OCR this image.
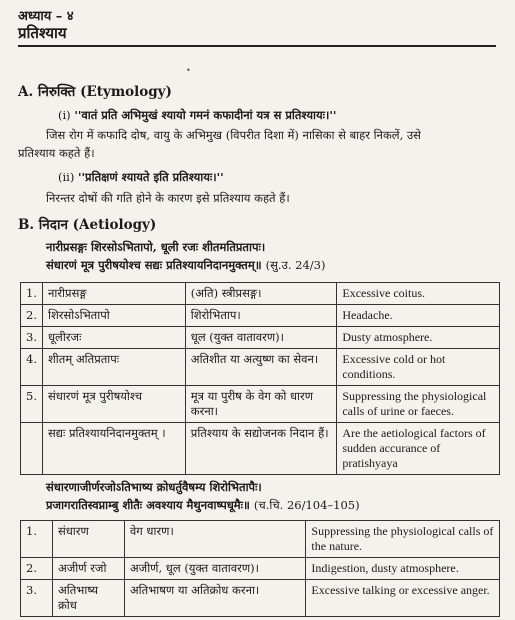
अध्याय – ४
प्रतिश्याय
•
A. निरुक्ति (Etymology)
(i) ''वातं प्रति अभिमुखं श्यायो गमनं कफादीनां यत्र स प्रतिश्यायः।''
जिस रोग में कफादि दोष, वायु के अभिमुख (विपरीत दिशा में) नासिका से बाहर निकलें, उसे
प्रतिश्याय कहते हैं।
(ii) ''प्रतिक्षणं श्यायते इति प्रतिश्यायः।''
निरन्तर दोषों की गति होने के कारण इसे प्रतिश्याय कहते हैं।
B. निदान (Aetiology)
नारीप्रसङ्गः शिरसोऽभितापो, धूली रजः शीतमतिप्रतापः।
संधारणं मूत्र पुरीषयोश्च सद्यः प्रतिश्यायनिदानमुक्तम्॥ (सु.उ. 24/3)
1.	नारीप्रसङ्ग	(अति) स्त्रीप्रसङ्ग।	Excessive coitus.
2.	शिरसोऽभितापो	शिरोभिताप।	Headache.
3.	धूलीरजः	धूल (युक्त वातावरण)।	Dusty atmosphere.
4.	शीतम् अतिप्रतापः	अतिशीत या अत्युष्ण का सेवन।	Excessive cold or hot conditions.
5.	संधारणं मूत्र पुरीषयोश्च	मूत्र या पुरीष के वेग को धारण करना।	Suppressing the physiological calls of urine or faeces.
	सद्यः प्रतिश्यायनिदानमुक्तम् ।	प्रतिश्याय के सद्योजनक निदान हैं।	Are the aetiological factors of sudden accurance of pratishyaya
संधारणाजीर्णरजोऽतिभाष्य क्रोधर्तुवैषम्य शिरोभितापैः।
प्रजागरातिस्वप्नाम्बु शीतैः अवश्याय मैथुनवाष्पधूमैः॥ (च.चि. 26/104–105)
1.	संधारण	वेग धारण।	Suppressing the physiological calls of the nature.
2.	अजीर्ण रजो	अजीर्ण, धूल (युक्त वातावरण)।	Indigestion, dusty atmosphere.
3.	अतिभाष्य क्रोध	अतिभाषण या अतिक्रोध करना।	Excessive talking or excessive anger.
